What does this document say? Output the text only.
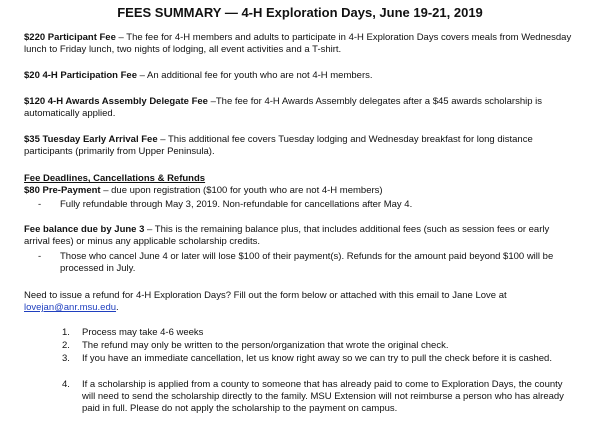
FEES SUMMARY — 4-H Exploration Days, June 19-21, 2019

$220 Participant Fee – The fee for 4-H members and adults to participate in 4-H Exploration Days covers meals from Wednesday lunch to Friday lunch, two nights of lodging, all event activities and a T-shirt.

$20 4-H Participation Fee – An additional fee for youth who are not 4-H members.

$120 4-H Awards Assembly Delegate Fee –The fee for 4-H Awards Assembly delegates after a $45 awards scholarship is automatically applied.

$35 Tuesday Early Arrival Fee – This additional fee covers Tuesday lodging and Wednesday breakfast for long distance participants (primarily from Upper Peninsula).

Fee Deadlines, Cancellations & Refunds

$80 Pre-Payment – due upon registration ($100 for youth who are not 4-H members)

-	Fully refundable through May 3, 2019. Non-refundable for cancellations after May 4.

Fee balance due by June 3 – This is the remaining balance plus, that includes additional fees (such as session fees or early arrival fees) or minus any applicable scholarship credits.

-	Those who cancel June 4 or later will lose $100 of their payment(s). Refunds for the amount paid beyond $100 will be processed in July.

Need to issue a refund for 4-H Exploration Days? Fill out the form below or attached with this email to Jane Love at lovejan@anr.msu.edu.

1.	Process may take 4-6 weeks

2.	The refund may only be written to the person/organization that wrote the original check.

3.	If you have an immediate cancellation, let us know right away so we can try to pull the check before it is cashed.

4.	If a scholarship is applied from a county to someone that has already paid to come to Exploration Days, the county will need to send the scholarship directly to the family. MSU Extension will not reimburse a person who has already paid in full. Please do not apply the scholarship to the payment on campus.
